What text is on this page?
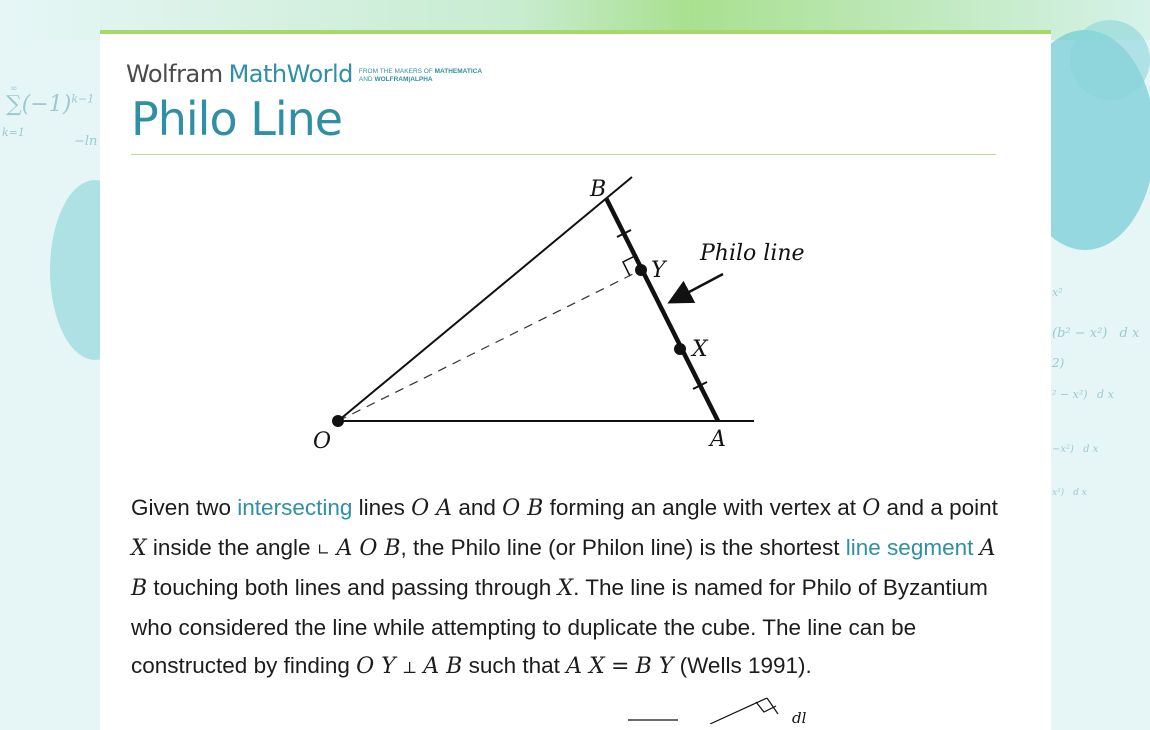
$\sum(-1)^{k-1}$
∞
k=1
−ln
x²
(b² − x²) d x
2)
² − x²) d x
−x²) d x
x²) d x
Wolfram MathWorld FROM THE MAKERS OF MATHEMATICA
AND WOLFRAM|ALPHA
Philo Line
B
Y
X
O	A
Philo line

Given two intersecting lines O A and O B forming an angle with vertex at O and a point X inside the angle ∟ A O B, the Philo line (or Philon line) is the shortest line segment A B touching both lines and passing through X. The line is named for Philo of Byzantium who considered the line while attempting to duplicate the cube. The line can be constructed by finding O Y ⊥ A B such that A X = B Y (Wells 1991).

dl
